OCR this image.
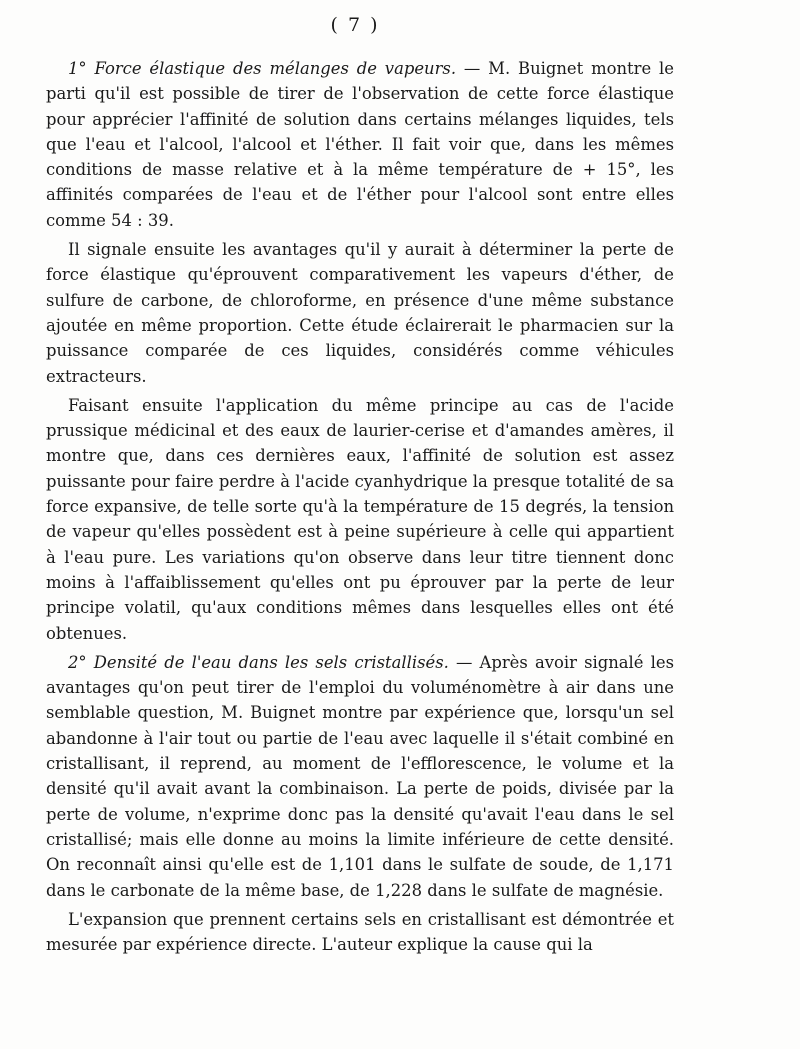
( 7 )

1° Force élastique des mélanges de vapeurs. — M. Buignet montre le parti qu'il est possible de tirer de l'observation de cette force élastique pour apprécier l'affinité de solution dans certains mélanges liquides, tels que l'eau et l'alcool, l'alcool et l'éther. Il fait voir que, dans les mêmes conditions de masse relative et à la même température de + 15°, les affinités comparées de l'eau et de l'éther pour l'alcool sont entre elles comme 54 : 39.

Il signale ensuite les avantages qu'il y aurait à déterminer la perte de force élastique qu'éprouvent comparativement les vapeurs d'éther, de sulfure de carbone, de chloroforme, en présence d'une même substance ajoutée en même proportion. Cette étude éclairerait le pharmacien sur la puissance comparée de ces liquides, considérés comme véhicules extracteurs.

Faisant ensuite l'application du même principe au cas de l'acide prussique médicinal et des eaux de laurier-cerise et d'amandes amères, il montre que, dans ces dernières eaux, l'affinité de solution est assez puissante pour faire perdre à l'acide cyanhydrique la presque totalité de sa force expansive, de telle sorte qu'à la température de 15 degrés, la tension de vapeur qu'elles possèdent est à peine supérieure à celle qui appartient à l'eau pure. Les variations qu'on observe dans leur titre tiennent donc moins à l'affaiblissement qu'elles ont pu éprouver par la perte de leur principe volatil, qu'aux conditions mêmes dans lesquelles elles ont été obtenues.

2° Densité de l'eau dans les sels cristallisés. — Après avoir signalé les avantages qu'on peut tirer de l'emploi du voluménomètre à air dans une semblable question, M. Buignet montre par expérience que, lorsqu'un sel abandonne à l'air tout ou partie de l'eau avec laquelle il s'était combiné en cristallisant, il reprend, au moment de l'efflorescence, le volume et la densité qu'il avait avant la combinaison. La perte de poids, divisée par la perte de volume, n'exprime donc pas la densité qu'avait l'eau dans le sel cristallisé; mais elle donne au moins la limite inférieure de cette densité. On reconnaît ainsi qu'elle est de 1,101 dans le sulfate de soude, de 1,171 dans le carbonate de la même base, de 1,228 dans le sulfate de magnésie.

L'expansion que prennent certains sels en cristallisant est démontrée et mesurée par expérience directe. L'auteur explique la cause qui la
